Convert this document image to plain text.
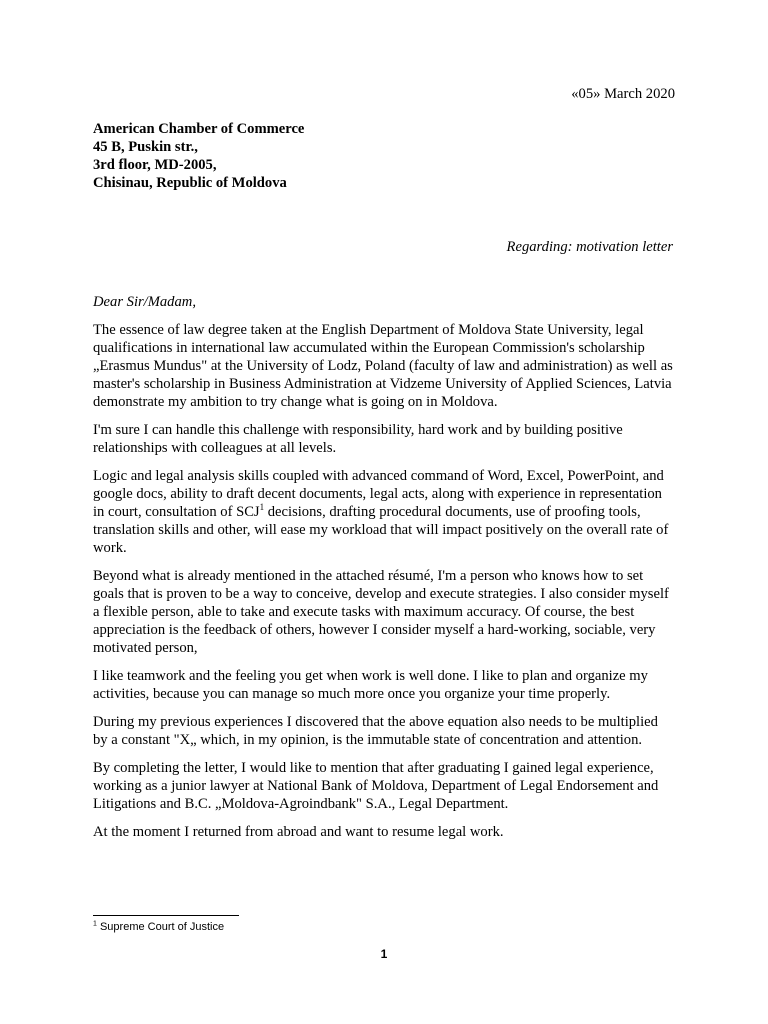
«05» March 2020
American Chamber of Commerce
45 B, Puskin str.,
3rd floor, MD-2005,
Chisinau, Republic of Moldova
Regarding: motivation letter

Dear Sir/Madam,

The essence of law degree taken at the English Department of Moldova State University, legal qualifications in international law accumulated within the European Commission's scholarship „Erasmus Mundus" at the University of Lodz, Poland (faculty of law and administration) as well as master's scholarship in Business Administration at Vidzeme University of Applied Sciences, Latvia demonstrate my ambition to try change what is going on in Moldova.

I'm sure I can handle this challenge with responsibility, hard work and by building positive relationships with colleagues at all levels.

Logic and legal analysis skills coupled with advanced command of Word, Excel, PowerPoint, and google docs, ability to draft decent documents, legal acts, along with experience in representation in court, consultation of SCJ$^1$ decisions, drafting procedural documents, use of proofing tools, translation skills and other, will ease my workload that will impact positively on the overall rate of work.

Beyond what is already mentioned in the attached résumé, I'm a person who knows how to set goals that is proven to be a way to conceive, develop and execute strategies. I also consider myself a flexible person, able to take and execute tasks with maximum accuracy. Of course, the best appreciation is the feedback of others, however I consider myself a hard-working, sociable, very motivated person,

I like teamwork and the feeling you get when work is well done. I like to plan and organize my activities, because you can manage so much more once you organize your time properly.

During my previous experiences I discovered that the above equation also needs to be multiplied by a constant "X„ which, in my opinion, is the immutable state of concentration and attention.

By completing the letter, I would like to mention that after graduating I gained legal experience, working as a junior lawyer at National Bank of Moldova, Department of Legal Endorsement and Litigations and B.C. „Moldova-Agroindbank" S.A., Legal Department.

At the moment I returned from abroad and want to resume legal work.

$^1$ Supreme Court of Justice
1
